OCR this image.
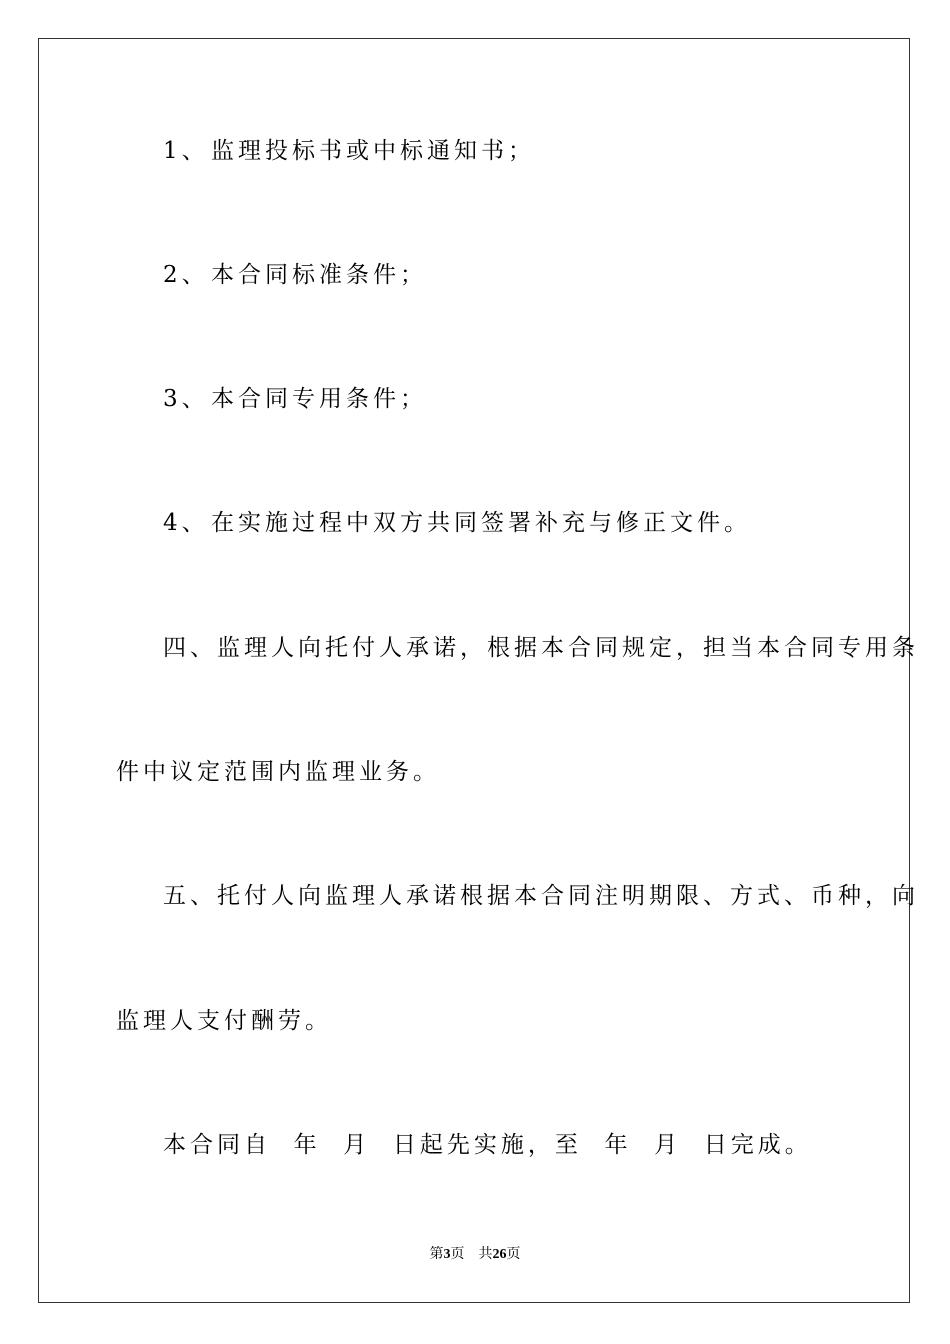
1、 监理投标书或中标通知书；
2、 本合同标准条件；
3、 本合同专用条件；
4、 在实施过程中双方共同签署补充与修正文件。
四、监理人向托付人承诺，根据本合同规定，担当本合同专用条
件中议定范围内监理业务。
五、托付人向监理人承诺根据本合同注明期限、方式、币种，向
监理人支付酬劳。
本合同自  年  月  日起先实施，至  年  月  日完成。
第3页 共26页
